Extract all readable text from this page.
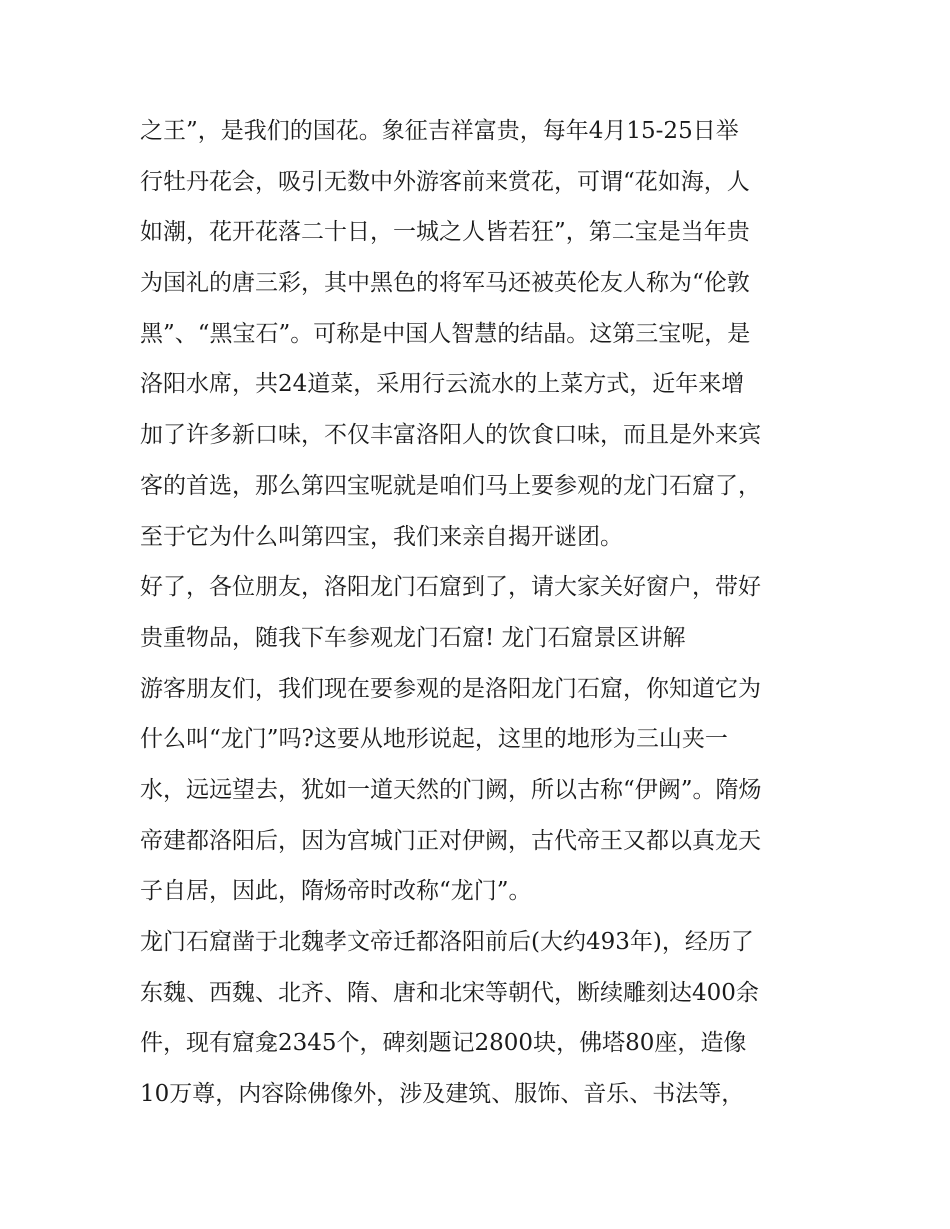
之王”，是我们的国花。象征吉祥富贵，每年4月15-25日举
行牡丹花会，吸引无数中外游客前来赏花，可谓“花如海，人
如潮，花开花落二十日，一城之人皆若狂”，第二宝是当年贵
为国礼的唐三彩，其中黑色的将军马还被英伦友人称为“伦敦
黑”、“黑宝石”。可称是中国人智慧的结晶。这第三宝呢，是
洛阳水席，共24道菜，采用行云流水的上菜方式，近年来增
加了许多新口味，不仅丰富洛阳人的饮食口味，而且是外来宾
客的首选，那么第四宝呢就是咱们马上要参观的龙门石窟了，
至于它为什么叫第四宝，我们来亲自揭开谜团。
好了，各位朋友，洛阳龙门石窟到了，请大家关好窗户，带好
贵重物品，随我下车参观龙门石窟! 龙门石窟景区讲解
游客朋友们，我们现在要参观的是洛阳龙门石窟，你知道它为
什么叫“龙门”吗?这要从地形说起，这里的地形为三山夹一
水，远远望去，犹如一道天然的门阙，所以古称“伊阙”。隋炀
帝建都洛阳后，因为宫城门正对伊阙，古代帝王又都以真龙天
子自居，因此，隋炀帝时改称“龙门”。
龙门石窟凿于北魏孝文帝迁都洛阳前后(大约493年)，经历了
东魏、西魏、北齐、隋、唐和北宋等朝代，断续雕刻达400余
件，现有窟龛2345个，碑刻题记2800块，佛塔80座，造像
10万尊，内容除佛像外，涉及建筑、服饰、音乐、书法等，
